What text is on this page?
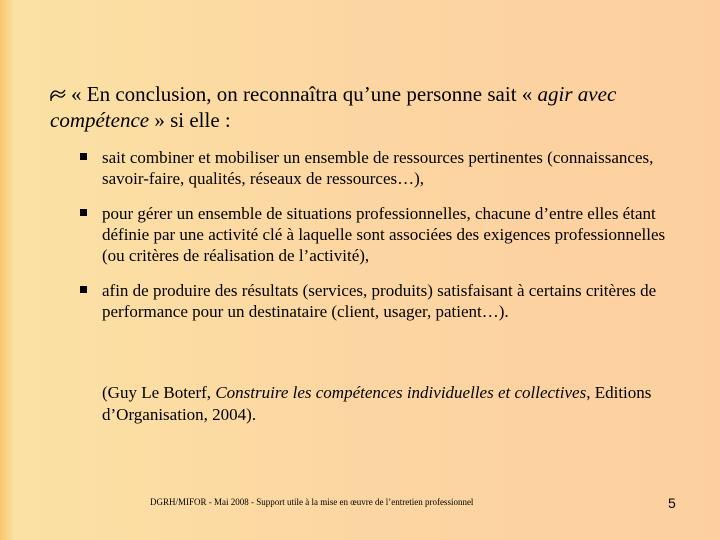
« En conclusion, on reconnaîtra qu’une personne sait « agir avec compétence » si elle :
sait combiner et mobiliser un ensemble de ressources pertinentes (connaissances, savoir-faire, qualités, réseaux de ressources…),
pour gérer un ensemble de situations professionnelles, chacune d’entre elles étant définie par une activité clé à laquelle sont associées des exigences professionnelles (ou critères de réalisation de l’activité),
afin de produire des résultats (services, produits) satisfaisant à certains critères de performance pour un destinataire (client, usager, patient…).
(Guy Le Boterf, Construire les compétences individuelles et collectives, Editions d’Organisation, 2004).
DGRH/MIFOR - Mai 2008 - Support utile à la mise en œuvre de l’entretien professionnel	5
